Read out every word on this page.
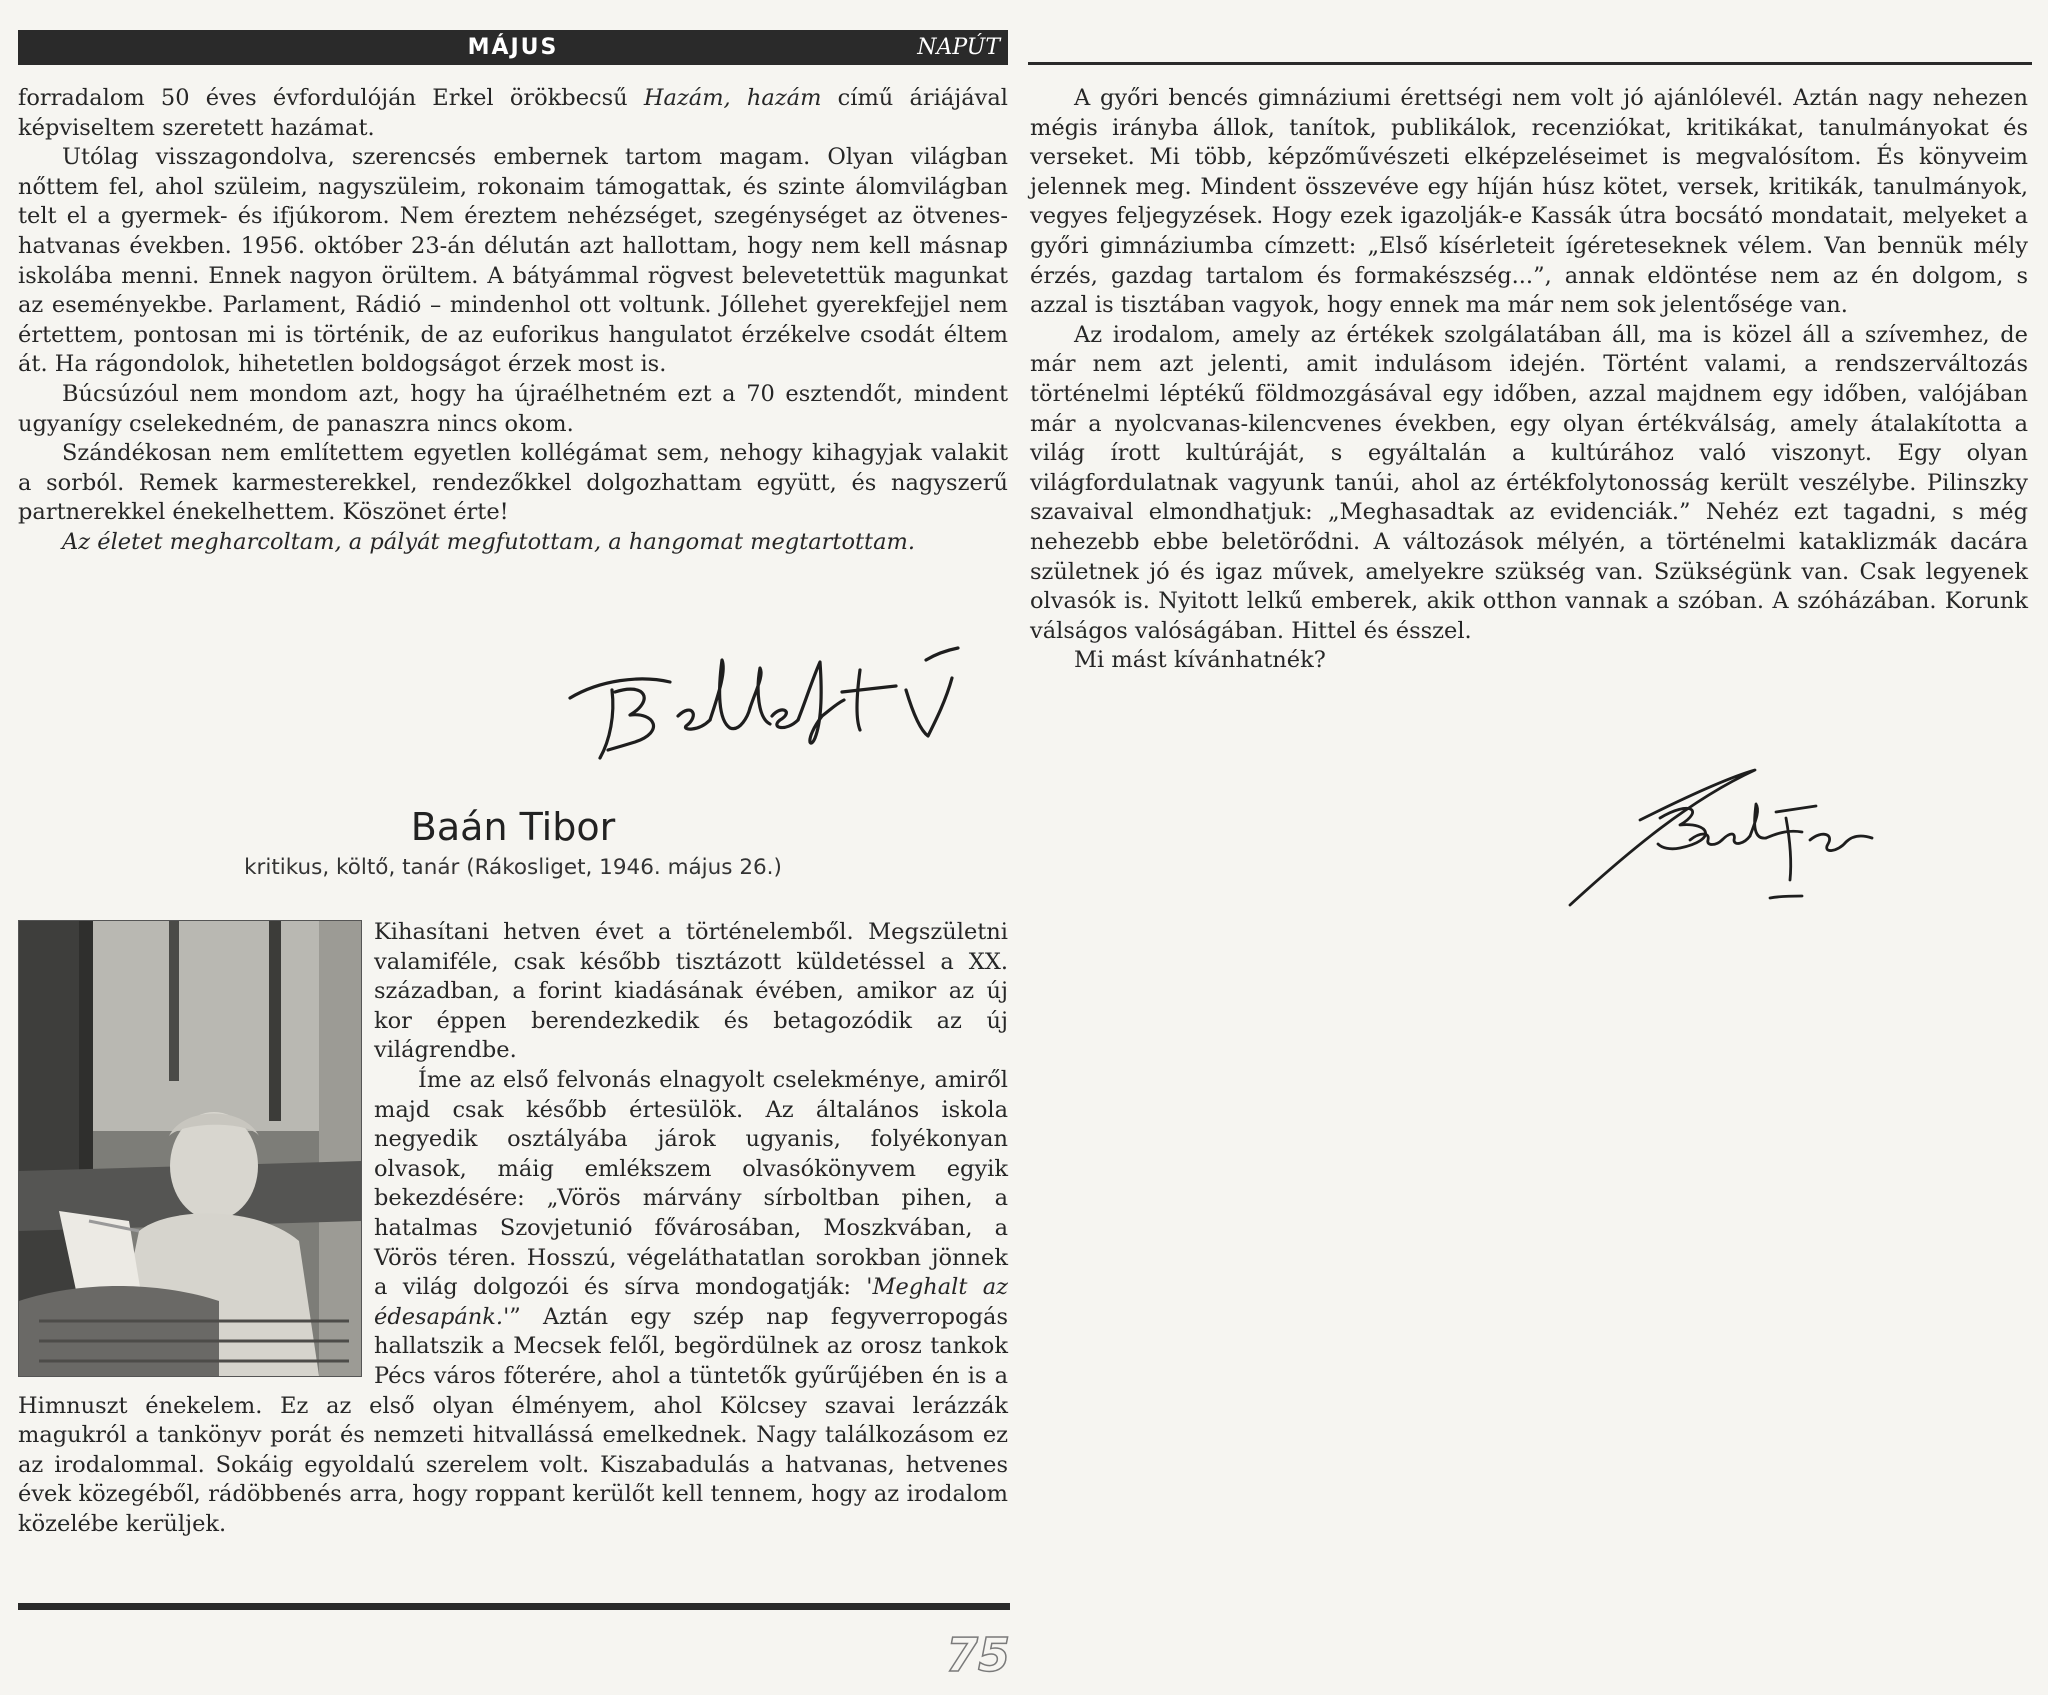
MÁJUS	NAPÚT

forradalom 50 éves évfordulóján Erkel örökbecsű Hazám, hazám című áriájával képviseltem szeretett hazámat.

Utólag visszagondolva, szerencsés embernek tartom magam. Olyan világban nőttem fel, ahol szüleim, nagyszüleim, rokonaim támogattak, és szinte álomvilágban telt el a gyermek- és ifjúkorom. Nem éreztem nehézséget, szegénységet az ötvenes-hatvanas években. 1956. október 23-án délután azt hallottam, hogy nem kell másnap iskolába menni. Ennek nagyon örültem. A bátyámmal rögvest belevetettük magunkat az eseményekbe. Parlament, Rádió – mindenhol ott voltunk. Jóllehet gyerekfejjel nem értettem, pontosan mi is történik, de az euforikus hangulatot érzékelve csodát éltem át. Ha rágondolok, hihetetlen boldogságot érzek most is.

Búcsúzóul nem mondom azt, hogy ha újraélhetném ezt a 70 esztendőt, mindent ugyanígy cselekedném, de panaszra nincs okom.

Szándékosan nem említettem egyetlen kollégámat sem, nehogy kihagyjak valakit a sorból. Remek karmesterekkel, rendezőkkel dolgozhattam együtt, és nagyszerű partnerekkel énekelhettem. Köszönet érte!

Az életet megharcoltam, a pályát megfutottam, a hangomat megtartottam.

Baán Tibor
kritikus, költő, tanár (Rákosliget, 1946. május 26.)

Kihasítani hetven évet a történelemből. Megszületni valamiféle, csak később tisztázott küldetéssel a XX. században, a forint kiadásának évében, amikor az új kor éppen berendezkedik és betagozódik az új világrendbe.

Íme az első felvonás elnagyolt cselekménye, amiről majd csak később értesülök. Az általános iskola negyedik osztályába járok ugyanis, folyékonyan olvasok, máig emlékszem olvasókönyvem egyik bekezdésére: „Vörös márvány sírboltban pihen, a hatalmas Szovjetunió fővárosában, Moszkvában, a Vörös téren. Hosszú, végeláthatatlan sorokban jönnek a világ dolgozói és sírva mondogatják: 'Meghalt az édesapánk.'” Aztán egy szép nap fegyverropogás hallatszik a Mecsek felől, begördülnek az orosz tankok Pécs város főterére, ahol a tüntetők gyűrűjében én is a Himnuszt énekelem. Ez az első olyan élményem, ahol Kölcsey szavai lerázzák magukról a tankönyv porát és nemzeti hitvallássá emelkednek. Nagy találkozásom ez az irodalommal. Sokáig egyoldalú szerelem volt. Kiszabadulás a hatvanas, hetvenes évek közegéből, rádöbbenés arra, hogy roppant kerülőt kell tennem, hogy az irodalom közelébe kerüljek.

A győri bencés gimnáziumi érettségi nem volt jó ajánlólevél. Aztán nagy nehezen mégis irányba állok, tanítok, publikálok, recenziókat, kritikákat, tanulmányokat és verseket. Mi több, képzőművészeti elképzeléseimet is megvalósítom. És könyveim jelennek meg. Mindent összevéve egy híján húsz kötet, versek, kritikák, tanulmányok, vegyes feljegyzések. Hogy ezek igazolják-e Kassák útra bocsátó mondatait, melyeket a győri gimnáziumba címzett: „Első kísérleteit ígéreteseknek vélem. Van bennük mély érzés, gazdag tartalom és formakészség...”, annak eldöntése nem az én dolgom, s azzal is tisztában vagyok, hogy ennek ma már nem sok jelentősége van.

Az irodalom, amely az értékek szolgálatában áll, ma is közel áll a szívemhez, de már nem azt jelenti, amit indulásom idején. Történt valami, a rendszerváltozás történelmi léptékű földmozgásával egy időben, azzal majdnem egy időben, valójában már a nyolcvanas-kilencvenes években, egy olyan értékválság, amely átalakította a világ írott kultúráját, s egyáltalán a kultúrához való viszonyt. Egy olyan világfordulatnak vagyunk tanúi, ahol az értékfolytonosság került veszélybe. Pilinszky szavaival elmondhatjuk: „Meghasadtak az evidenciák.” Nehéz ezt tagadni, s még nehezebb ebbe beletörődni. A változások mélyén, a történelmi kataklizmák dacára születnek jó és igaz művek, amelyekre szükség van. Szükségünk van. Csak legyenek olvasók is. Nyitott lelkű emberek, akik otthon vannak a szóban. A szóházában. Korunk válságos valóságában. Hittel és ésszel.

Mi mást kívánhatnék?

75
